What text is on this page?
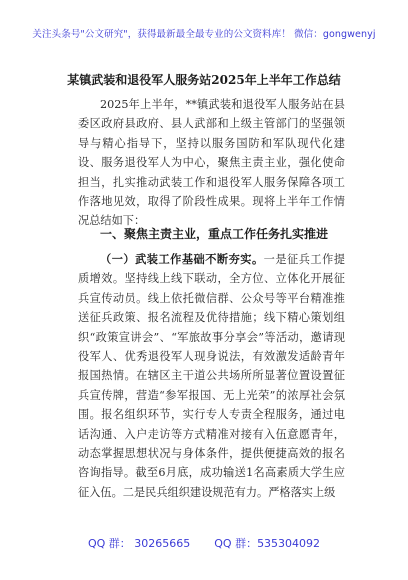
关注头条号"公文研究"，获得最新最全最专业的公文资料库！ 微信：gongwenyj
某镇武装和退役军人服务站2025年上半年工作总结

2025年上半年，**镇武装和退役军人服务站在县委区政府县政府、县人武部和上级主管部门的坚强领导与精心指导下，坚持以服务国防和军队现代化建设、服务退役军人为中心，聚焦主责主业，强化使命担当，扎实推动武装工作和退役军人服务保障各项工作落地见效，取得了阶段性成果。现将上半年工作情况总结如下：

一、聚焦主责主业，重点工作任务扎实推进

（一）武装工作基础不断夯实。一是征兵工作提质增效。坚持线上线下联动，全方位、立体化开展征兵宣传动员。线上依托微信群、公众号等平台精准推送征兵政策、报名流程及优待措施；线下精心策划组织“政策宣讲会”、“军旅故事分享会”等活动，邀请现役军人、优秀退役军人现身说法，有效激发适龄青年报国热情。在辖区主干道公共场所所显著位置设置征兵宣传牌，营造“参军报国、无上光荣”的浓厚社会氛围。报名组织环节，实行专人专责全程服务，通过电话沟通、入户走访等方式精准对接有入伍意愿青年，动态掌握思想状况与身体条件，提供便捷高效的报名咨询指导。截至6月底，成功输送1名高素质大学生应征入伍。二是民兵组织建设规范有力。严格落实上级

QQ 群： 30265665 QQ 群：535304092
